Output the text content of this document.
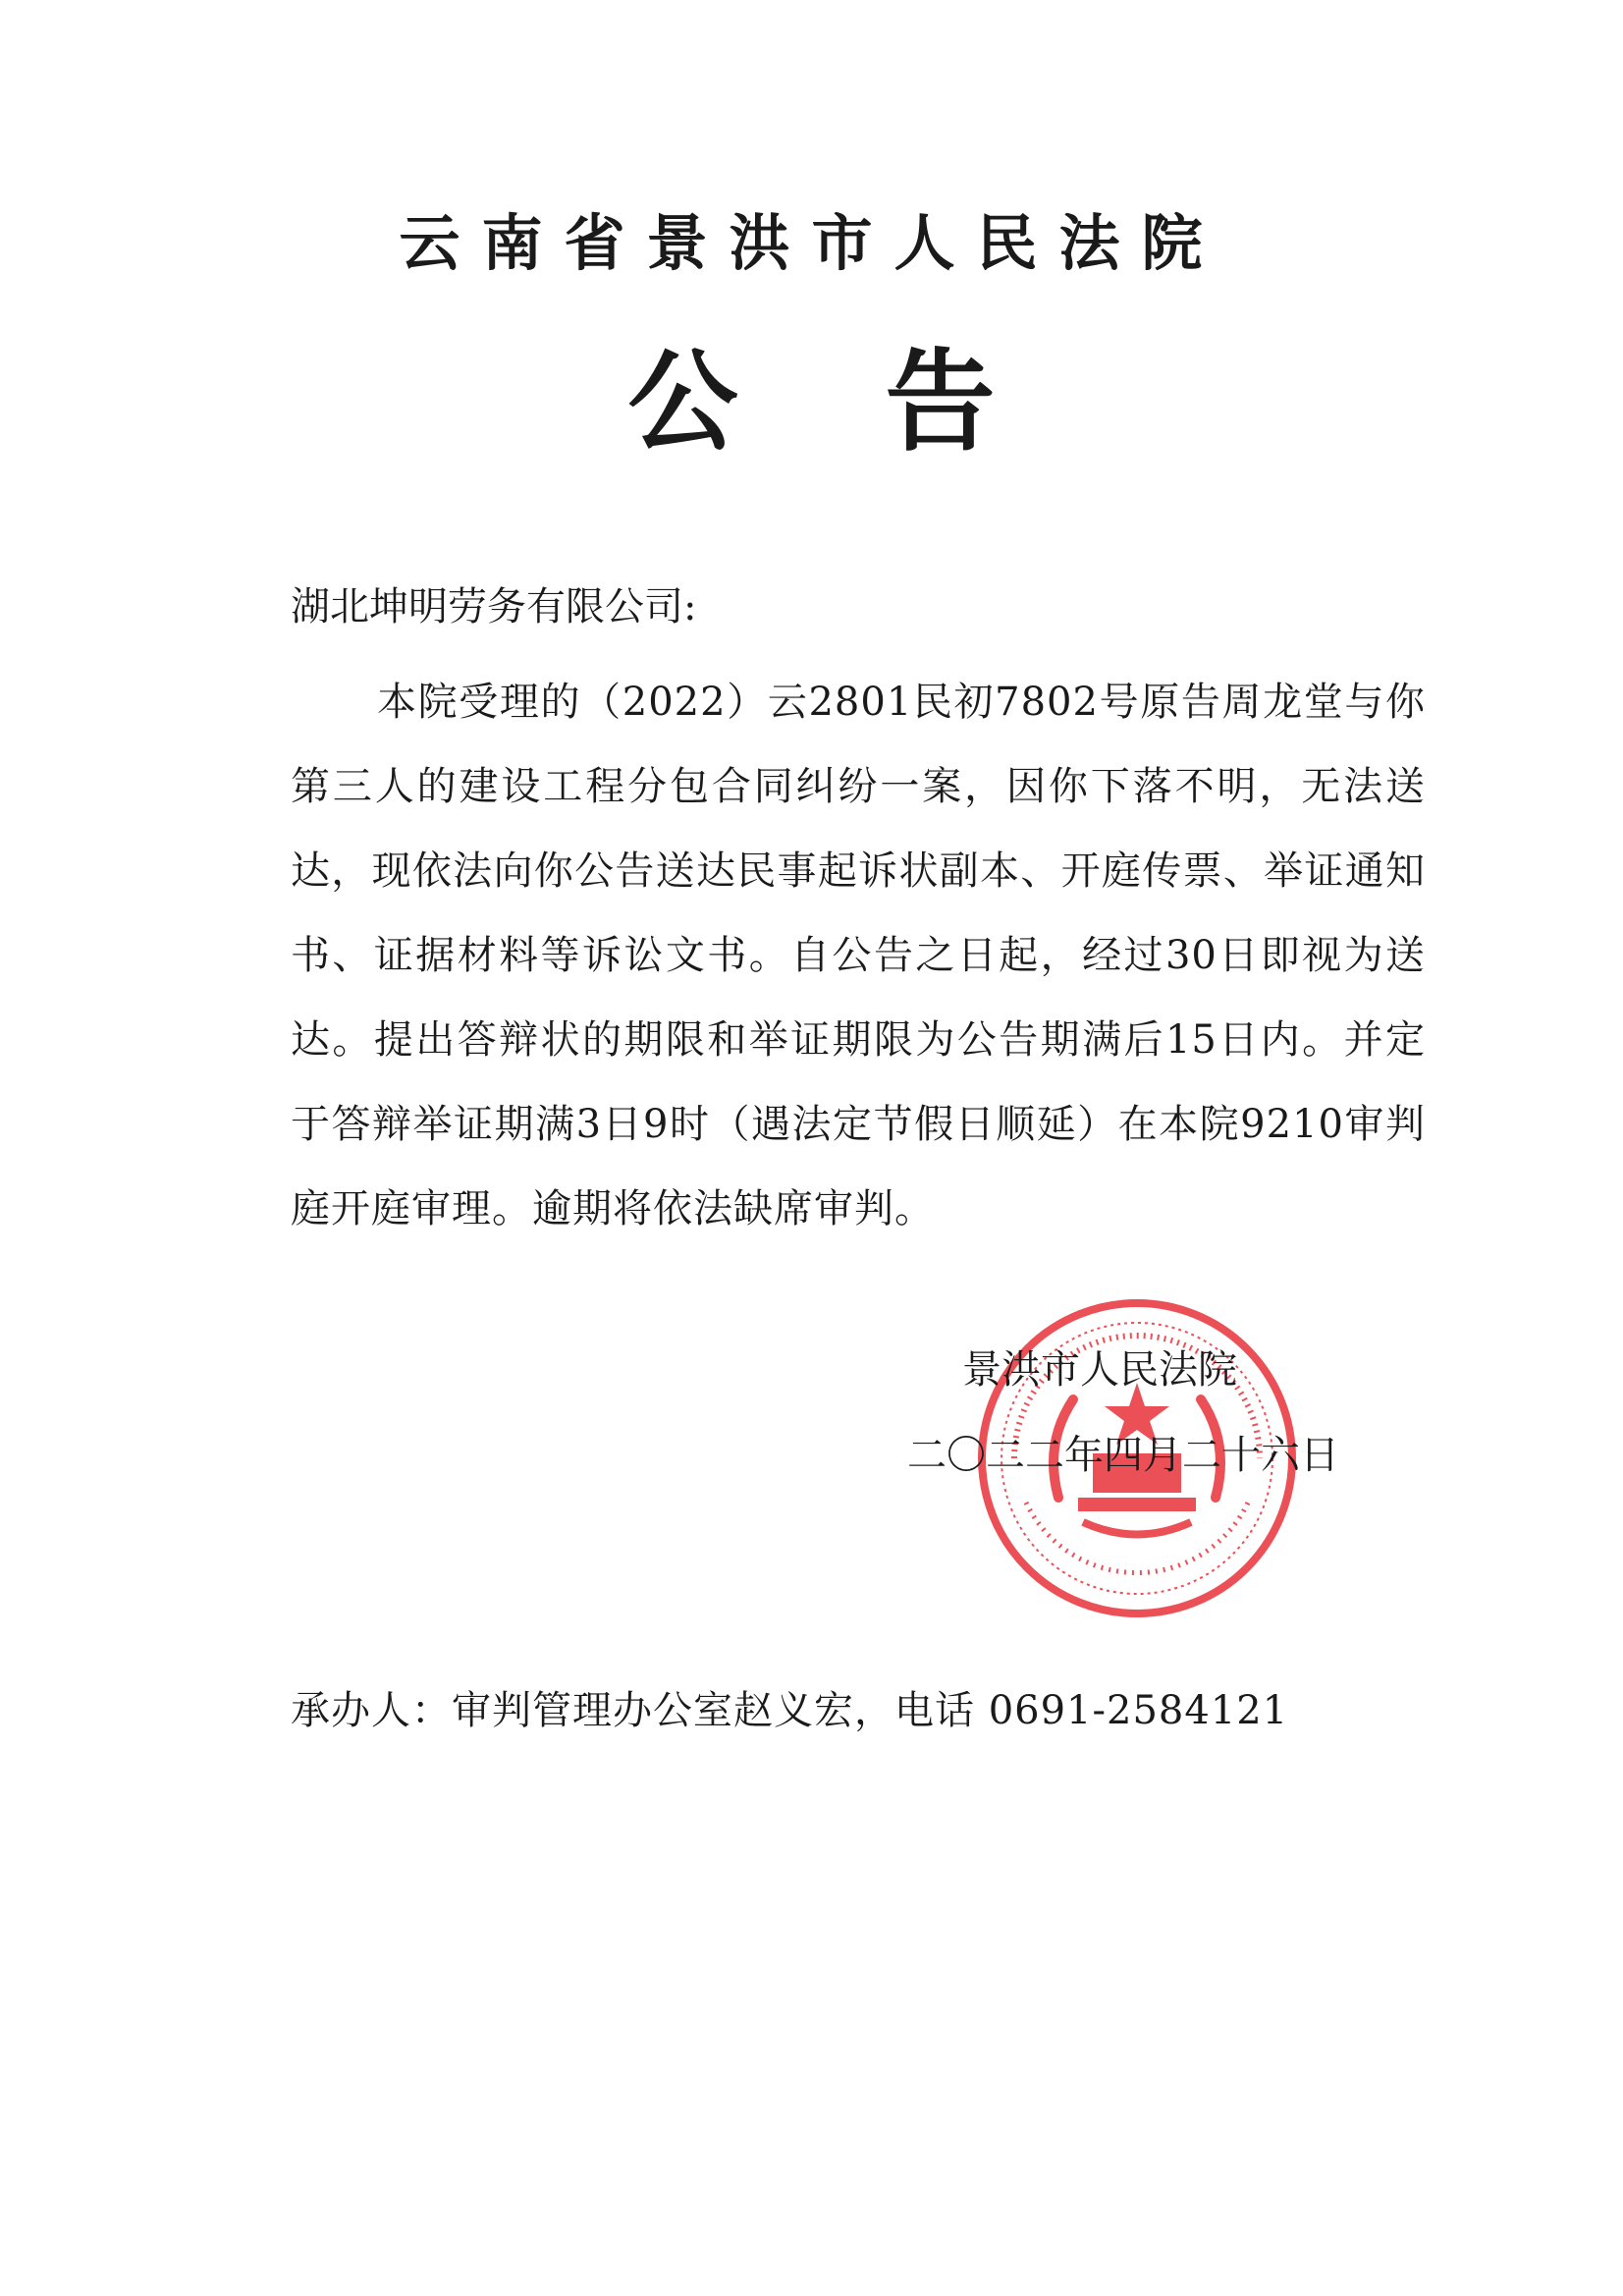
云南省景洪市人民法院
公告
湖北坤明劳务有限公司:
本院受理的（2022）云2801民初7802号原告周龙堂与你第三人的建设工程分包合同纠纷一案，因你下落不明，无法送达，现依法向你公告送达民事起诉状副本、开庭传票、举证通知书、证据材料等诉讼文书。自公告之日起，经过30日即视为送达。提出答辩状的期限和举证期限为公告期满后15日内。并定于答辩举证期满3日9时（遇法定节假日顺延）在本院9210审判庭开庭审理。逾期将依法缺席审判。
景洪市人民法院
二〇二二年四月二十六日
承办人：审判管理办公室赵义宏，电话 0691-2584121
